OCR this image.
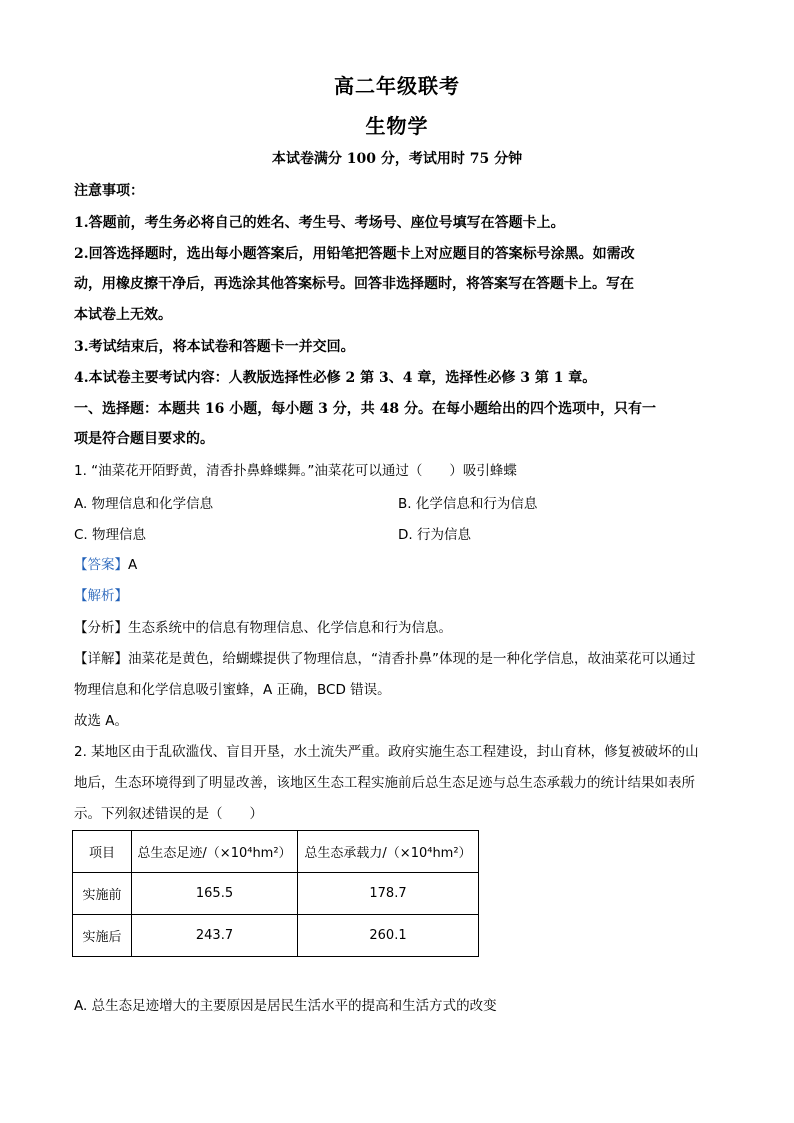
高二年级联考
生物学
本试卷满分 100 分，考试用时 75 分钟
注意事项：
1.答题前，考生务必将自己的姓名、考生号、考场号、座位号填写在答题卡上。
2.回答选择题时，选出每小题答案后，用铅笔把答题卡上对应题目的答案标号涂黑。如需改
动，用橡皮擦干净后，再选涂其他答案标号。回答非选择题时，将答案写在答题卡上。写在
本试卷上无效。
3.考试结束后，将本试卷和答题卡一并交回。
4.本试卷主要考试内容：人教版选择性必修 2 第 3、4 章，选择性必修 3 第 1 章。
一、选择题：本题共 16 小题，每小题 3 分，共 48 分。在每小题给出的四个选项中，只有一
项是符合题目要求的。
1. “油菜花开陌野黄，清香扑鼻蜂蝶舞。”油菜花可以通过（　　）吸引蜂蝶
A. 物理信息和化学信息	B. 化学信息和行为信息
C. 物理信息	D. 行为信息
【答案】A
【解析】
【分析】生态系统中的信息有物理信息、化学信息和行为信息。
【详解】油菜花是黄色，给蝴蝶提供了物理信息，“清香扑鼻”体现的是一种化学信息，故油菜花可以通过
物理信息和化学信息吸引蜜蜂，A 正确，BCD 错误。
故选 A。
2. 某地区由于乱砍滥伐、盲目开垦，水土流失严重。政府实施生态工程建设，封山育林，修复被破坏的山
地后，生态环境得到了明显改善，该地区生态工程实施前后总生态足迹与总生态承载力的统计结果如表所
示。下列叙述错误的是（　　）
项目	总生态足迹/（×10⁴hm²）	总生态承载力/（×10⁴hm²）
实施前	165.5	178.7
实施后	243.7	260.1
A. 总生态足迹增大的主要原因是居民生活水平的提高和生活方式的改变
